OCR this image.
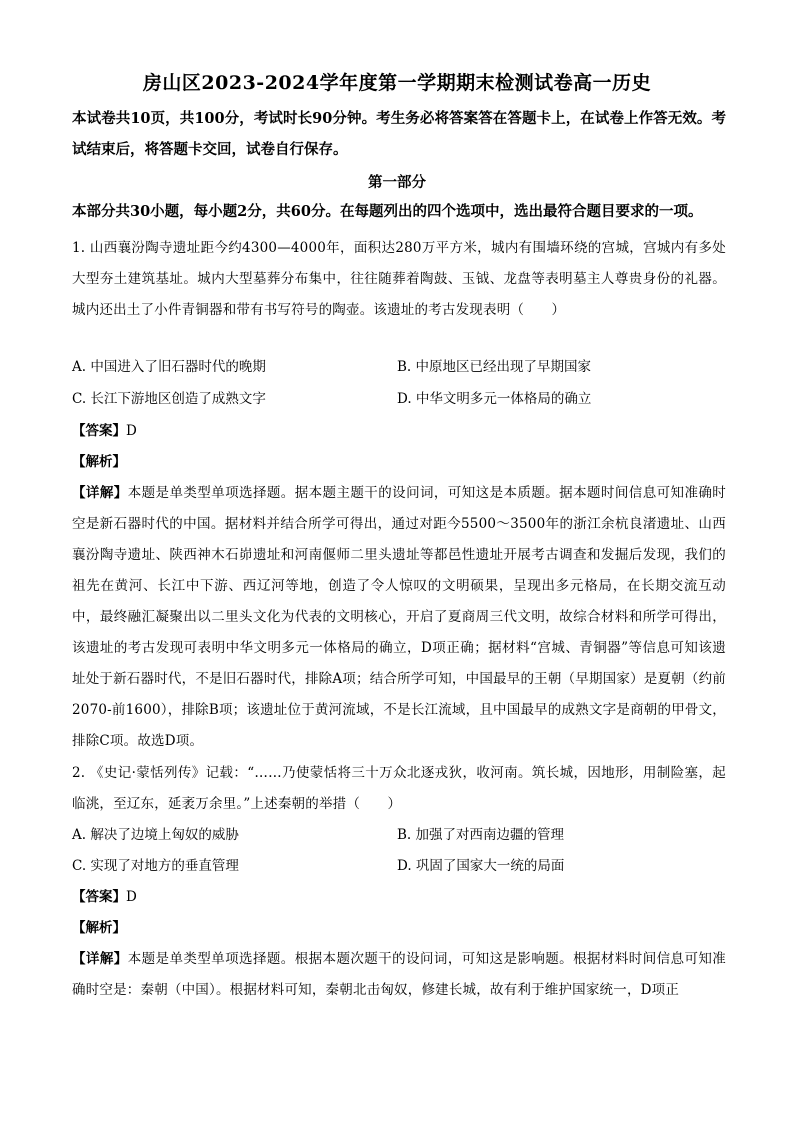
房山区2023-2024学年度第一学期期末检测试卷高一历史
本试卷共10页，共100分，考试时长90分钟。考生务必将答案答在答题卡上，在试卷上作答无效。考试结束后，将答题卡交回，试卷自行保存。
第一部分
本部分共30小题，每小题2分，共60分。在每题列出的四个选项中，选出最符合题目要求的一项。
1. 山西襄汾陶寺遗址距今约4300—4000年，面积达280万平方米，城内有围墙环绕的宫城，宫城内有多处大型夯土建筑基址。城内大型墓葬分布集中，往往随葬着陶鼓、玉钺、龙盘等表明墓主人尊贵身份的礼器。城内还出土了小件青铜器和带有书写符号的陶壶。该遗址的考古发现表明（　　）
A. 中国进入了旧石器时代的晚期	B. 中原地区已经出现了早期国家
C. 长江下游地区创造了成熟文字	D. 中华文明多元一体格局的确立
【答案】D
【解析】
【详解】本题是单类型单项选择题。据本题主题干的设问词，可知这是本质题。据本题时间信息可知准确时空是新石器时代的中国。据材料并结合所学可得出，通过对距今5500～3500年的浙江余杭良渚遗址、山西襄汾陶寺遗址、陕西神木石峁遗址和河南偃师二里头遗址等都邑性遗址开展考古调查和发掘后发现，我们的祖先在黄河、长江中下游、西辽河等地，创造了令人惊叹的文明硕果，呈现出多元格局，在长期交流互动中，最终融汇凝聚出以二里头文化为代表的文明核心，开启了夏商周三代文明，故综合材料和所学可得出，该遗址的考古发现可表明中华文明多元一体格局的确立，D项正确；据材料“宫城、青铜器”等信息可知该遗址处于新石器时代，不是旧石器时代，排除A项；结合所学可知，中国最早的王朝（早期国家）是夏朝（约前2070-前1600），排除B项；该遗址位于黄河流域，不是长江流域，且中国最早的成熟文字是商朝的甲骨文，排除C项。故选D项。
2. 《史记·蒙恬列传》记载：“……乃使蒙恬将三十万众北逐戎狄，收河南。筑长城，因地形，用制险塞，起临洮，至辽东，延袤万余里。”上述秦朝的举措（　　）
A. 解决了边境上匈奴的威胁	B. 加强了对西南边疆的管理
C. 实现了对地方的垂直管理	D. 巩固了国家大一统的局面
【答案】D
【解析】
【详解】本题是单类型单项选择题。根据本题次题干的设问词，可知这是影响题。根据材料时间信息可知准确时空是：秦朝（中国）。根据材料可知，秦朝北击匈奴，修建长城，故有利于维护国家统一，D项正
